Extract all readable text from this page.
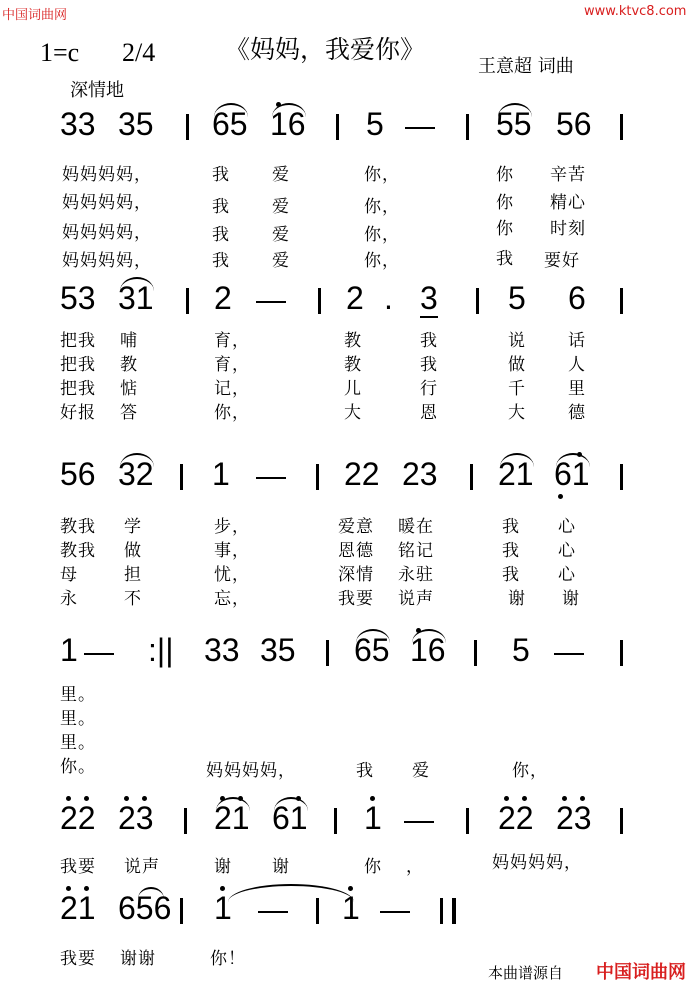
中国词曲网	www.ktvc8.com
1=c 2/4	《妈妈，我爱你》
王意超 词曲
深情地
33 35 65 16 5	55 56
妈妈妈妈，	我 爱	你，	你 辛苦
妈妈妈妈，	我 爱	你，	你 精心
妈妈妈妈，	我 爱	你，	你 时刻
妈妈妈妈，	我 爱	你，	我 要好
53 31 2	2 . 3 5 6
把我 哺	育，	教	我	说 话
把我 教	育，	教	我	做 人
把我 惦	记，	儿	行	千 里
好报 答	你，	大	恩	大 德
56 32 1	22 23 21 61
教我 学	步，	爱意 暖在	我 心
教我 做	事，	恩德 铭记	我 心
母	担	忧，	深情 永驻	我 心
永	不	忘，	我要 说声	谢 谢
1 :|| 33 35 65 16 5
里。
里。
里。
你。	妈妈妈妈，	我 爱	你，
22 23 21 61 1	22 23
我要 说声	谢 谢	你 ，	妈妈妈妈，
21 656 1	1
我要 谢谢	你！
本曲谱源自 中国词曲网
